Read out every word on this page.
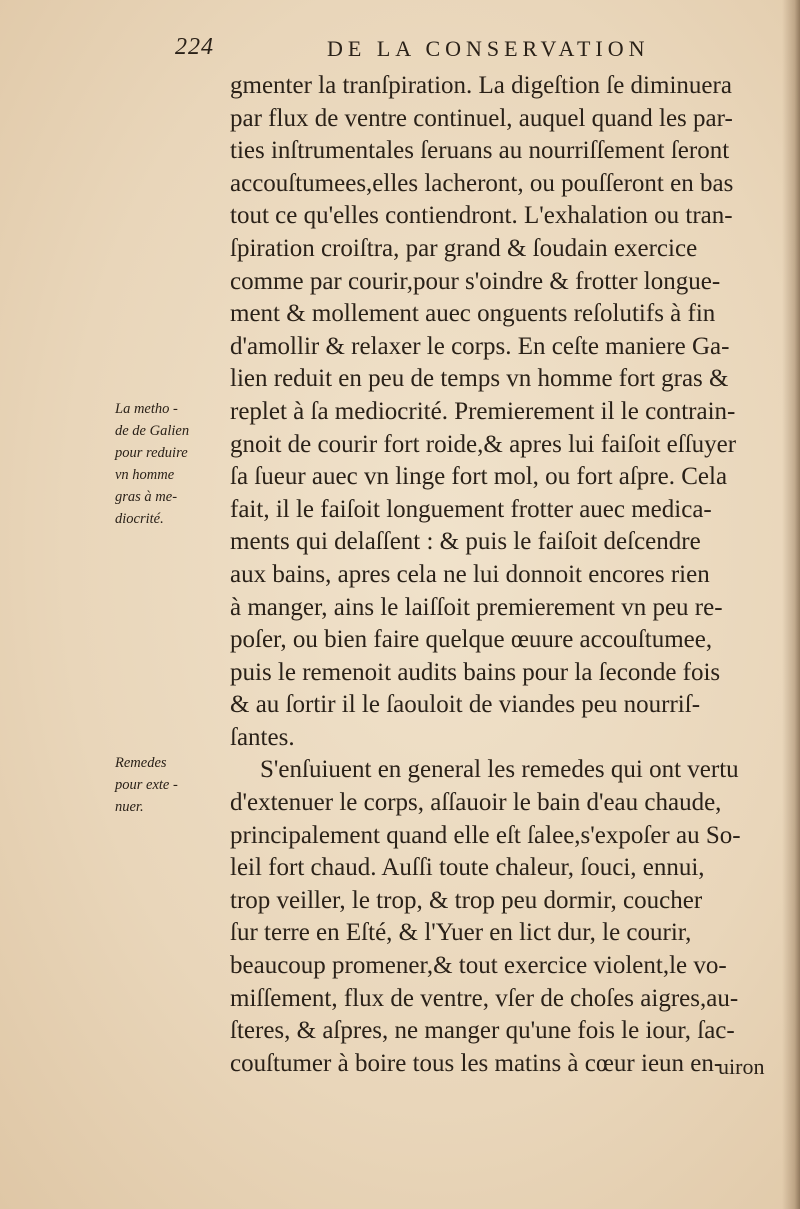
224	DE LA CONSERVATION
La metho -
de de Galien
pour reduire
vn homme
gras à me-
diocrité.
Remedes
pour exte -
nuer.
gmenter la tranſpiration. La digeſtion ſe diminuera
par flux de ventre continuel, auquel quand les par-
ties inſtrumentales ſeruans au nourriſſement ſeront
accouſtumees,elles lacheront, ou pouſſeront en bas
tout ce qu'elles contiendront. L'exhalation ou tran-
ſpiration croiſtra, par grand & ſoudain exercice
comme par courir,pour s'oindre & frotter longue-
ment & mollement auec onguents reſolutifs à fin
d'amollir & relaxer le corps. En ceſte maniere Ga-
lien reduit en peu de temps vn homme fort gras &
replet à ſa mediocrité. Premierement il le contrain-
gnoit de courir fort roide,& apres lui faiſoit eſſuyer
ſa ſueur auec vn linge fort mol, ou fort aſpre. Cela
fait, il le faiſoit longuement frotter auec medica-
ments qui delaſſent : & puis le faiſoit deſcendre
aux bains, apres cela ne lui donnoit encores rien
à manger, ains le laiſſoit premierement vn peu re-
poſer, ou bien faire quelque œuure accouſtumee,
puis le remenoit audits bains pour la ſeconde fois
& au ſortir il le ſaouloit de viandes peu nourriſ-
ſantes.
S'enſuiuent en general les remedes qui ont vertu
d'extenuer le corps, aſſauoir le bain d'eau chaude,
principalement quand elle eſt ſalee,s'expoſer au So-
leil fort chaud. Auſſi toute chaleur, ſouci, ennui,
trop veiller, le trop, & trop peu dormir, coucher
ſur terre en Eſté, & l'Yuer en lict dur, le courir,
beaucoup promener,& tout exercice violent,le vo-
miſſement, flux de ventre, vſer de choſes aigres,au-
ſteres, & aſpres, ne manger qu'une fois le iour, ſac-
couſtumer à boire tous les matins à cœur ieun en-
uiron
